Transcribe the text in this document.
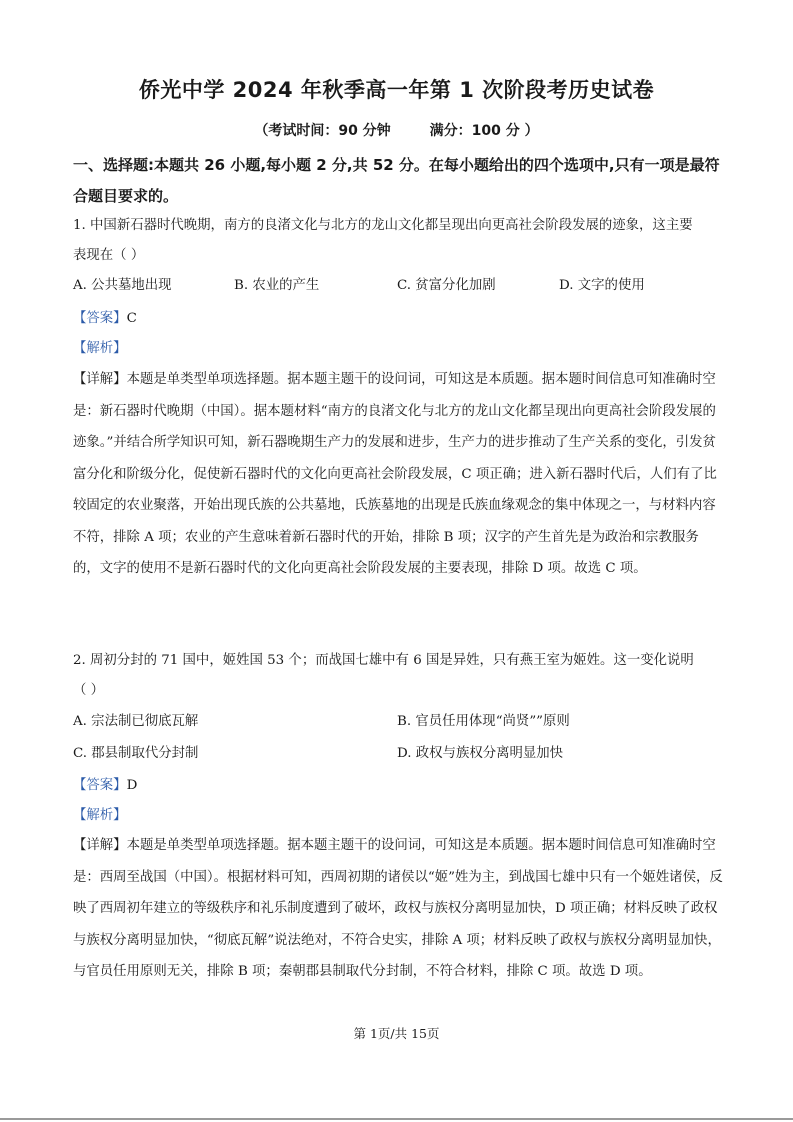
侨光中学 2024 年秋季高一年第 1 次阶段考历史试卷
（考试时间：90 分钟        满分：100 分 ）
一、选择题:本题共 26 小题,每小题 2 分,共 52 分。在每小题给出的四个选项中,只有一项是最符合题目要求的。
1. 中国新石器时代晚期，南方的良渚文化与北方的龙山文化都呈现出向更高社会阶段发展的迹象，这主要
表现在（ ）
A. 公共墓地出现	B. 农业的产生	C. 贫富分化加剧	D. 文字的使用
【答案】C
【解析】
【详解】本题是单类型单项选择题。据本题主题干的设问词，可知这是本质题。据本题时间信息可知准确时空是：新石器时代晚期（中国）。据本题材料“南方的良渚文化与北方的龙山文化都呈现出向更高社会阶段发展的迹象。”并结合所学知识可知，新石器晚期生产力的发展和进步，生产力的进步推动了生产关系的变化，引发贫富分化和阶级分化，促使新石器时代的文化向更高社会阶段发展，C 项正确；进入新石器时代后，人们有了比较固定的农业聚落，开始出现氏族的公共墓地，氏族墓地的出现是氏族血缘观念的集中体现之一，与材料内容不符，排除 A 项；农业的产生意味着新石器时代的开始，排除 B 项；汉字的产生首先是为政治和宗教服务的，文字的使用不是新石器时代的文化向更高社会阶段发展的主要表现，排除 D 项。故选 C 项。
2. 周初分封的 71 国中，姬姓国 53 个；而战国七雄中有 6 国是异姓，只有燕王室为姬姓。这一变化说明
（ ）
A. 宗法制已彻底瓦解	B. 官员任用体现“尚贤””原则
C. 郡县制取代分封制	D. 政权与族权分离明显加快
【答案】D
【解析】
【详解】本题是单类型单项选择题。据本题主题干的设问词，可知这是本质题。据本题时间信息可知准确时空是：西周至战国（中国）。根据材料可知，西周初期的诸侯以“姬”姓为主，到战国七雄中只有一个姬姓诸侯，反映了西周初年建立的等级秩序和礼乐制度遭到了破坏，政权与族权分离明显加快，D 项正确；材料反映了政权与族权分离明显加快，“彻底瓦解”说法绝对，不符合史实，排除 A 项；材料反映了政权与族权分离明显加快，与官员任用原则无关，排除 B 项；秦朝郡县制取代分封制，不符合材料，排除 C 项。故选 D 项。
第 1页/共 15页
